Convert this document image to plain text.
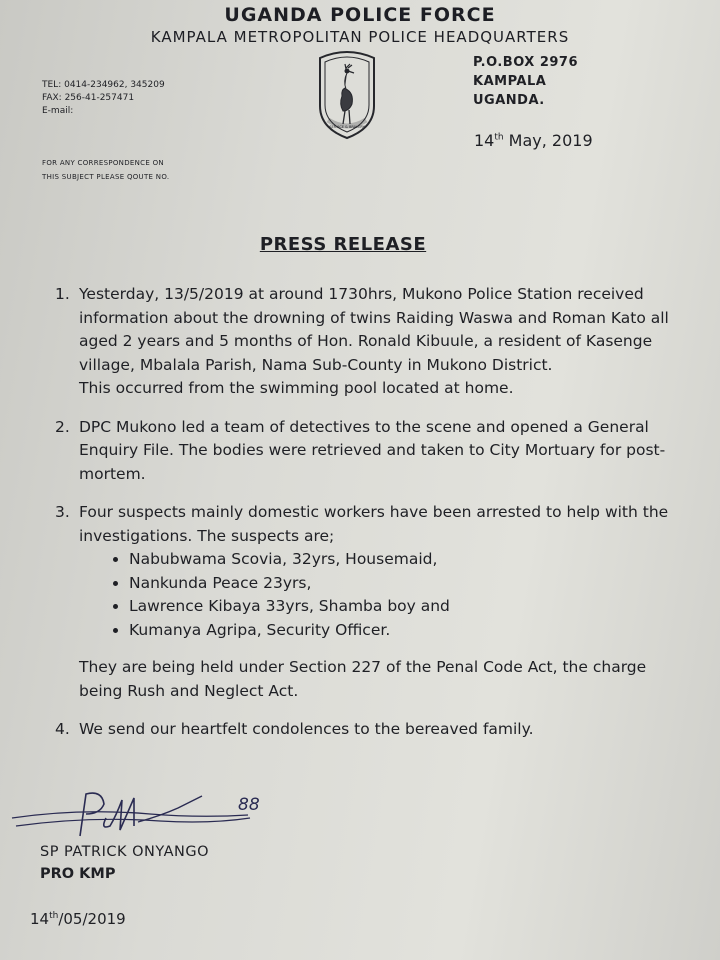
UGANDA POLICE FORCE
KAMPALA METROPOLITAN POLICE HEADQUARTERS
TEL: 0414-234962, 345209
FAX: 256-41-257471
E-mail:
SERVICE & BRAVERY
P.O.BOX 2976
KAMPALA
UGANDA.
14th May, 2019
FOR ANY CORRESPONDENCE ON
THIS SUBJECT PLEASE QOUTE NO.
PRESS RELEASE
1. Yesterday, 13/5/2019 at around 1730hrs, Mukono Police Station received information about the drowning of twins Raiding Waswa and Roman Kato all aged 2 years and 5 months of Hon. Ronald Kibuule, a resident of Kasenge village, Mbalala Parish, Nama Sub-County in Mukono District.

This occurred from the swimming pool located at home.

2. DPC Mukono led a team of detectives to the scene and opened a General Enquiry File. The bodies were retrieved and taken to City Mortuary for post-mortem.

3. Four suspects mainly domestic workers have been arrested to help with the investigations. The suspects are;

• Nabubwama Scovia, 32yrs, Housemaid,
• Nankunda Peace 23yrs,
• Lawrence Kibaya 33yrs, Shamba boy and
• Kumanya Agripa, Security Officer.

They are being held under Section 227 of the Penal Code Act, the charge being Rush and Neglect Act.

4. We send our heartfelt condolences to the bereaved family.

88
SP PATRICK ONYANGO
PRO KMP
14th/05/2019
